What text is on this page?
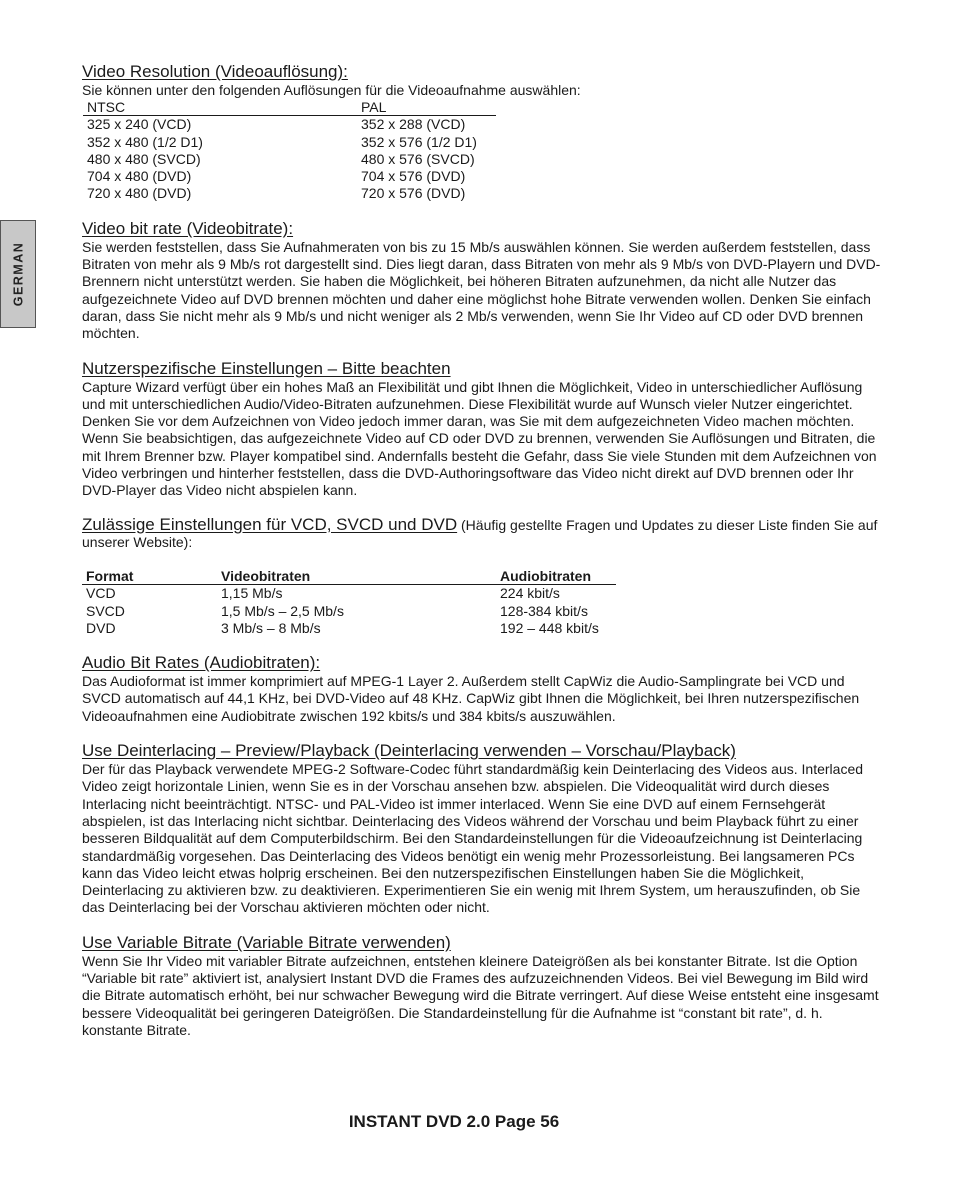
GERMAN
Video Resolution (Videoauflösung):

Sie können unter den folgenden Auflösungen für die Videoaufnahme auswählen:

NTSC	PAL
325 x 240 (VCD)	352 x 288 (VCD)
352 x 480 (1/2 D1)	352 x 576 (1/2 D1)
480 x 480 (SVCD)	480 x 576 (SVCD)
704 x 480 (DVD)	704 x 576 (DVD)
720 x 480 (DVD)	720 x 576 (DVD)
Video bit rate (Videobitrate):

Sie werden feststellen, dass Sie Aufnahmeraten von bis zu 15 Mb/s auswählen können. Sie werden außerdem feststellen, dass Bitraten von mehr als 9 Mb/s rot dargestellt sind. Dies liegt daran, dass Bitraten von mehr als 9 Mb/s von DVD-Playern und DVD-Brennern nicht unterstützt werden. Sie haben die Möglichkeit, bei höheren Bitraten aufzunehmen, da nicht alle Nutzer das aufgezeichnete Video auf DVD brennen möchten und daher eine möglichst hohe Bitrate verwenden wollen. Denken Sie einfach daran, dass Sie nicht mehr als 9 Mb/s und nicht weniger als 2 Mb/s verwenden, wenn Sie Ihr Video auf CD oder DVD brennen möchten.

Nutzerspezifische Einstellungen – Bitte beachten

Capture Wizard verfügt über ein hohes Maß an Flexibilität und gibt Ihnen die Möglichkeit, Video in unterschiedlicher Auflösung und mit unterschiedlichen Audio/Video-Bitraten aufzunehmen. Diese Flexibilität wurde auf Wunsch vieler Nutzer eingerichtet. Denken Sie vor dem Aufzeichnen von Video jedoch immer daran, was Sie mit dem aufgezeichneten Video machen möchten. Wenn Sie beabsichtigen, das aufgezeichnete Video auf CD oder DVD zu brennen, verwenden Sie Auflösungen und Bitraten, die mit Ihrem Brenner bzw. Player kompatibel sind. Andernfalls besteht die Gefahr, dass Sie viele Stunden mit dem Aufzeichnen von Video verbringen und hinterher feststellen, dass die DVD-Authoringsoftware das Video nicht direkt auf DVD brennen oder Ihr DVD-Player das Video nicht abspielen kann.

Zulässige Einstellungen für VCD, SVCD und DVD (Häufig gestellte Fragen und Updates zu dieser Liste finden Sie auf unserer Website):

Format	Videobitraten	Audiobitraten
VCD	1,15 Mb/s	224 kbit/s
SVCD	1,5 Mb/s – 2,5 Mb/s	128-384 kbit/s
DVD	3 Mb/s – 8 Mb/s	192 – 448 kbit/s
Audio Bit Rates (Audiobitraten):

Das Audioformat ist immer komprimiert auf MPEG-1 Layer 2. Außerdem stellt CapWiz die Audio-Samplingrate bei VCD und SVCD automatisch auf 44,1 KHz, bei DVD-Video auf 48 KHz. CapWiz gibt Ihnen die Möglichkeit, bei Ihren nutzerspezifischen Videoaufnahmen eine Audiobitrate zwischen 192 kbits/s und 384 kbits/s auszuwählen.

Use Deinterlacing – Preview/Playback (Deinterlacing verwenden – Vorschau/Playback)

Der für das Playback verwendete MPEG-2 Software-Codec führt standardmäßig kein Deinterlacing des Videos aus. Interlaced Video zeigt horizontale Linien, wenn Sie es in der Vorschau ansehen bzw. abspielen. Die Videoqualität wird durch dieses Interlacing nicht beeinträchtigt. NTSC- und PAL-Video ist immer interlaced. Wenn Sie eine DVD auf einem Fernsehgerät abspielen, ist das Interlacing nicht sichtbar. Deinterlacing des Videos während der Vorschau und beim Playback führt zu einer besseren Bildqualität auf dem Computerbildschirm. Bei den Standardeinstellungen für die Videoaufzeichnung ist Deinterlacing standardmäßig vorgesehen. Das Deinterlacing des Videos benötigt ein wenig mehr Prozessorleistung. Bei langsameren PCs kann das Video leicht etwas holprig erscheinen. Bei den nutzerspezifischen Einstellungen haben Sie die Möglichkeit, Deinterlacing zu aktivieren bzw. zu deaktivieren. Experimentieren Sie ein wenig mit Ihrem System, um herauszufinden, ob Sie das Deinterlacing bei der Vorschau aktivieren möchten oder nicht.

Use Variable Bitrate (Variable Bitrate verwenden)

Wenn Sie Ihr Video mit variabler Bitrate aufzeichnen, entstehen kleinere Dateigrößen als bei konstanter Bitrate. Ist die Option “Variable bit rate” aktiviert ist, analysiert Instant DVD die Frames des aufzuzeichnenden Videos. Bei viel Bewegung im Bild wird die Bitrate automatisch erhöht, bei nur schwacher Bewegung wird die Bitrate verringert. Auf diese Weise entsteht eine insgesamt bessere Videoqualität bei geringeren Dateigrößen. Die Standardeinstellung für die Aufnahme ist “constant bit rate”, d. h. konstante Bitrate.

INSTANT DVD 2.0 Page 56
